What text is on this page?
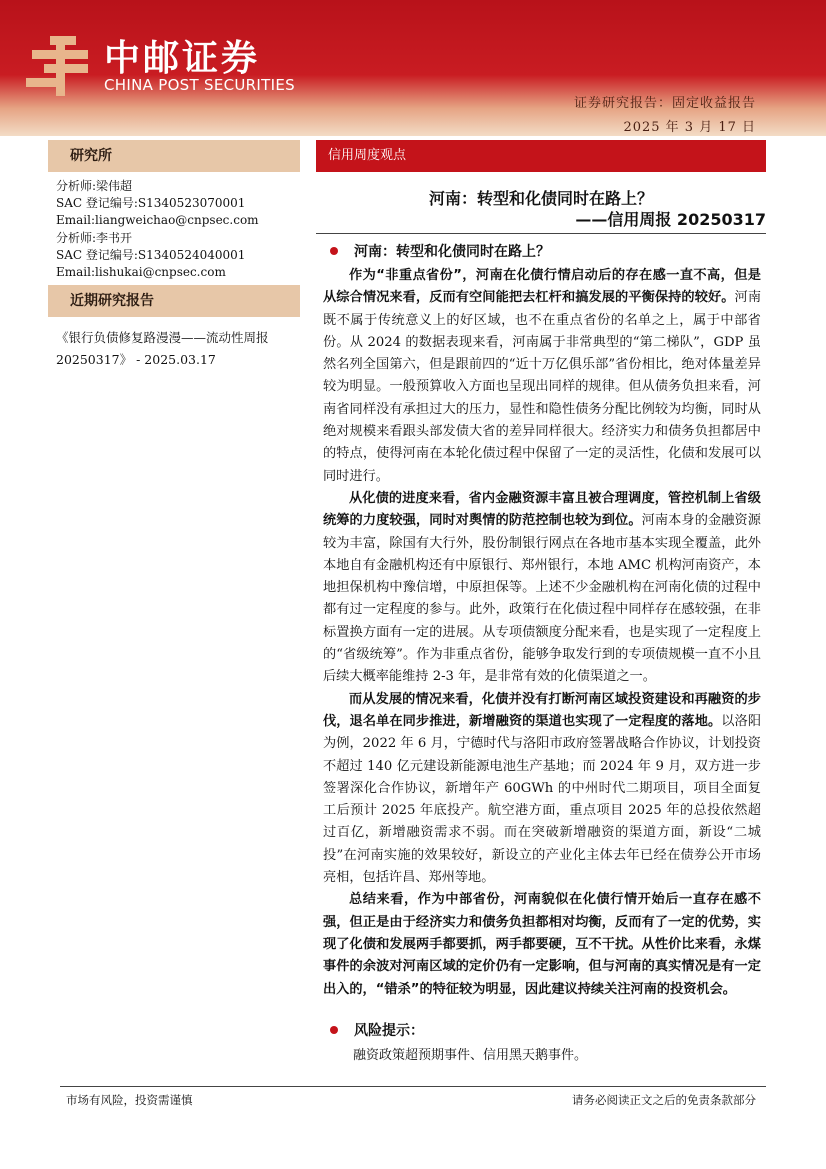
中邮证券
CHINA POST SECURITIES
证券研究报告：固定收益报告
2025 年 3 月 17 日
研究所
分析师:梁伟超
SAC 登记编号:S1340523070001
Email:liangweichao@cnpsec.com
分析师:李书开
SAC 登记编号:S1340524040001
Email:lishukai@cnpsec.com
近期研究报告
《银行负债修复路漫漫——流动性周报 20250317》 - 2025.03.17
信用周度观点
河南：转型和化债同时在路上？
——信用周报 20250317
河南：转型和化债同时在路上？

作为“非重点省份”，河南在化债行情启动后的存在感一直不高，但是从综合情况来看，反而有空间能把去杠杆和搞发展的平衡保持的较好。河南既不属于传统意义上的好区域，也不在重点省份的名单之上，属于中部省份。从 2024 的数据表现来看，河南属于非常典型的“第二梯队”，GDP 虽然名列全国第六，但是跟前四的“近十万亿俱乐部”省份相比，绝对体量差异较为明显。一般预算收入方面也呈现出同样的规律。但从债务负担来看，河南省同样没有承担过大的压力，显性和隐性债务分配比例较为均衡，同时从绝对规模来看跟头部发债大省的差异同样很大。经济实力和债务负担都居中的特点，使得河南在本轮化债过程中保留了一定的灵活性，化债和发展可以同时进行。

从化债的进度来看，省内金融资源丰富且被合理调度，管控机制上省级统筹的力度较强，同时对舆情的防范控制也较为到位。河南本身的金融资源较为丰富，除国有大行外，股份制银行网点在各地市基本实现全覆盖，此外本地自有金融机构还有中原银行、郑州银行，本地 AMC 机构河南资产，本地担保机构中豫信增，中原担保等。上述不少金融机构在河南化债的过程中都有过一定程度的参与。此外，政策行在化债过程中同样存在感较强，在非标置换方面有一定的进展。从专项债额度分配来看，也是实现了一定程度上的“省级统筹”。作为非重点省份，能够争取发行到的专项债规模一直不小且后续大概率能维持 2-3 年，是非常有效的化债渠道之一。

而从发展的情况来看，化债并没有打断河南区域投资建设和再融资的步伐，退名单在同步推进，新增融资的渠道也实现了一定程度的落地。以洛阳为例，2022 年 6 月，宁德时代与洛阳市政府签署战略合作协议，计划投资不超过 140 亿元建设新能源电池生产基地；而 2024 年 9 月，双方进一步签署深化合作协议，新增年产 60GWh 的中州时代二期项目，项目全面复工后预计 2025 年底投产。航空港方面，重点项目 2025 年的总投依然超过百亿，新增融资需求不弱。而在突破新增融资的渠道方面，新设“二城投”在河南实施的效果较好，新设立的产业化主体去年已经在债券公开市场亮相，包括许昌、郑州等地。

总结来看，作为中部省份，河南貌似在化债行情开始后一直存在感不强，但正是由于经济实力和债务负担都相对均衡，反而有了一定的优势，实现了化债和发展两手都要抓，两手都要硬，互不干扰。从性价比来看，永煤事件的余波对河南区域的定价仍有一定影响，但与河南的真实情况是有一定出入的，“错杀”的特征较为明显，因此建议持续关注河南的投资机会。

风险提示：
融资政策超预期事件、信用黑天鹅事件。
市场有风险，投资需谨慎	请务必阅读正文之后的免责条款部分
